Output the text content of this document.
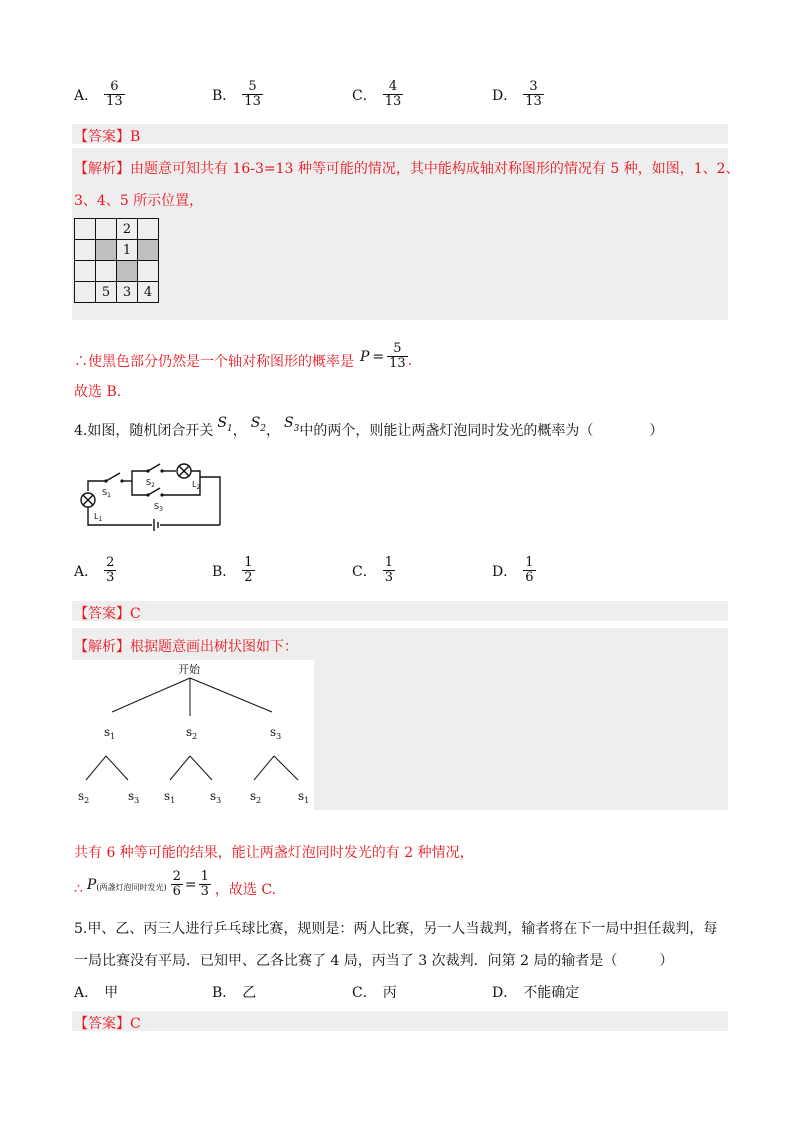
A． $\frac{6}{13}$	B． $\frac{5}{13}$	C． $\frac{4}{13}$	D． $\frac{3}{13}$
【答案】B
【解析】由题意可知共有 16-3=13 种等可能的情况，其中能构成轴对称图形的情况有 5 种，如图，1、2、
3、4、5 所示位置，
		2	
		1	

	5	3	4
∴使黑色部分仍然是一个轴对称图形的概率是 $P = \frac{5}{13}$ .
故选 B.
4.如图，随机闭合开关
$S_1$ ，
$S_2$ ，
$S_3$ 中的两个，则能让两盏灯泡同时发光的概率为（　　　　）
$S_1$
$S_2$
$S_3$
$L_1$
$L_2$
A． $\frac{2}{3}$	B． $\frac{1}{2}$	C． $\frac{1}{3}$	D． $\frac{1}{6}$
【答案】C
【解析】根据题意画出树状图如下：
开始
$s_1$	$s_2$	$s_3$
$s_2$	$s_3$ $s_1$	$s_3$ $s_2$	$s_1$
共有 6 种等可能的结果，能让两盏灯泡同时发光的有 2 种情况，
∴ P (两盏灯泡同时发光) $\frac{2}{6} = \frac{1}{3}$ ，故选 C.
5.甲、乙、丙三人进行乒乓球比赛，规则是：两人比赛，另一人当裁判，输者将在下一局中担任裁判，每
一局比赛没有平局．已知甲、乙各比赛了 4 局，丙当了 3 次裁判．问第 2 局的输者是（　　　）
A． 甲	B． 乙	C． 丙	D． 不能确定
【答案】C
